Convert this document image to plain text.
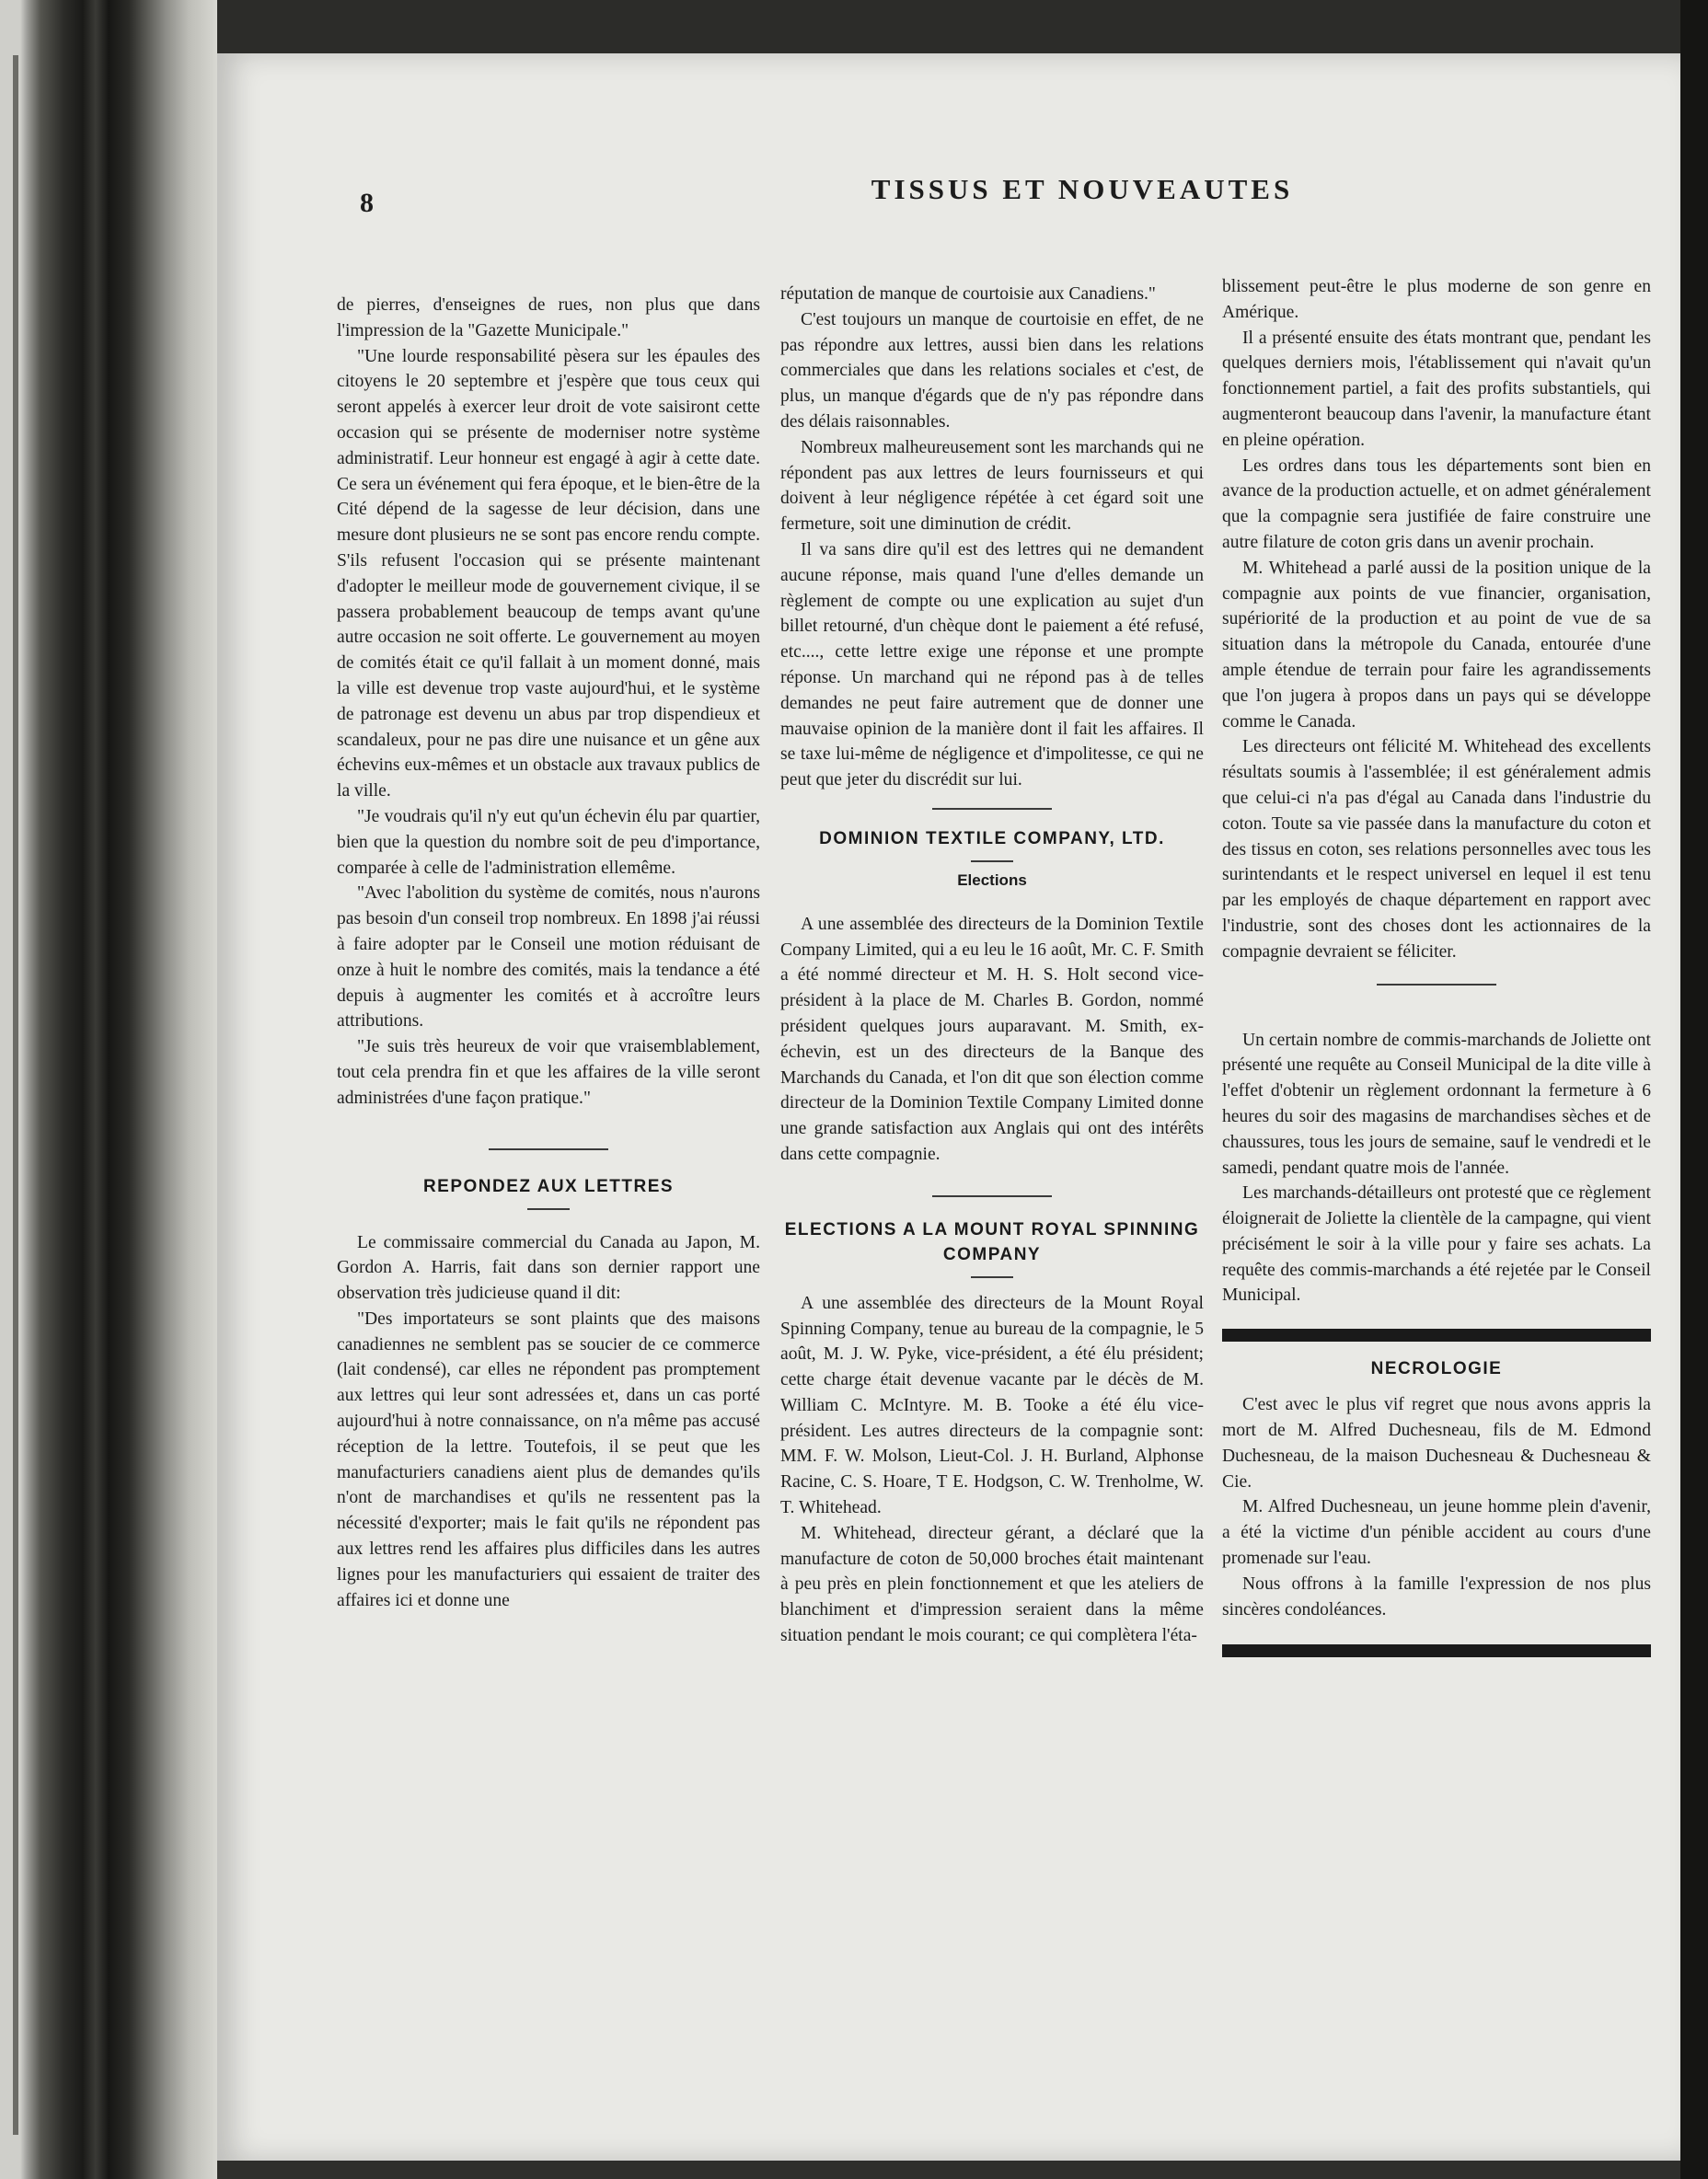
8	TISSUS ET NOUVEAUTES

de pierres, d'enseignes de rues, non plus que dans l'impression de la "Gazette Municipale."

"Une lourde responsabilité pèsera sur les épaules des citoyens le 20 septembre et j'espère que tous ceux qui seront appelés à exercer leur droit de vote saisiront cette occasion qui se présente de moderniser notre système administratif. Leur honneur est engagé à agir à cette date. Ce sera un événement qui fera époque, et le bien-être de la Cité dépend de la sagesse de leur décision, dans une mesure dont plusieurs ne se sont pas encore rendu compte. S'ils refusent l'occasion qui se présente maintenant d'adopter le meilleur mode de gouvernement civique, il se passera probablement beaucoup de temps avant qu'une autre occasion ne soit offerte. Le gouvernement au moyen de comités était ce qu'il fallait à un moment donné, mais la ville est devenue trop vaste aujourd'hui, et le système de patronage est devenu un abus par trop dispendieux et scandaleux, pour ne pas dire une nuisance et un gêne aux échevins eux-mêmes et un obstacle aux travaux publics de la ville.

"Je voudrais qu'il n'y eut qu'un échevin élu par quartier, bien que la question du nombre soit de peu d'importance, comparée à celle de l'administration ellemême.

"Avec l'abolition du système de comités, nous n'aurons pas besoin d'un conseil trop nombreux. En 1898 j'ai réussi à faire adopter par le Conseil une motion réduisant de onze à huit le nombre des comités, mais la tendance a été depuis à augmenter les comités et à accroître leurs attributions.

"Je suis très heureux de voir que vraisemblablement, tout cela prendra fin et que les affaires de la ville seront administrées d'une façon pratique."

REPONDEZ AUX LETTRES

Le commissaire commercial du Canada au Japon, M. Gordon A. Harris, fait dans son dernier rapport une observation très judicieuse quand il dit:

"Des importateurs se sont plaints que des maisons canadiennes ne semblent pas se soucier de ce commerce (lait condensé), car elles ne répondent pas promptement aux lettres qui leur sont adressées et, dans un cas porté aujourd'hui à notre connaissance, on n'a même pas accusé réception de la lettre. Toutefois, il se peut que les manufacturiers canadiens aient plus de demandes qu'ils n'ont de marchandises et qu'ils ne ressentent pas la nécessité d'exporter; mais le fait qu'ils ne répondent pas aux lettres rend les affaires plus difficiles dans les autres lignes pour les manufacturiers qui essaient de traiter des affaires ici et donne une

réputation de manque de courtoisie aux Canadiens."

C'est toujours un manque de courtoisie en effet, de ne pas répondre aux lettres, aussi bien dans les relations commerciales que dans les relations sociales et c'est, de plus, un manque d'égards que de n'y pas répondre dans des délais raisonnables.

Nombreux malheureusement sont les marchands qui ne répondent pas aux lettres de leurs fournisseurs et qui doivent à leur négligence répétée à cet égard soit une fermeture, soit une diminution de crédit.

Il va sans dire qu'il est des lettres qui ne demandent aucune réponse, mais quand l'une d'elles demande un règlement de compte ou une explication au sujet d'un billet retourné, d'un chèque dont le paiement a été refusé, etc...., cette lettre exige une réponse et une prompte réponse. Un marchand qui ne répond pas à de telles demandes ne peut faire autrement que de donner une mauvaise opinion de la manière dont il fait les affaires. Il se taxe lui-même de négligence et d'impolitesse, ce qui ne peut que jeter du discrédit sur lui.

DOMINION TEXTILE COMPANY, LTD.
Elections

A une assemblée des directeurs de la Dominion Textile Company Limited, qui a eu leu le 16 août, Mr. C. F. Smith a été nommé directeur et M. H. S. Holt second vice-président à la place de M. Charles B. Gordon, nommé président quelques jours auparavant. M. Smith, ex-échevin, est un des directeurs de la Banque des Marchands du Canada, et l'on dit que son élection comme directeur de la Dominion Textile Company Limited donne une grande satisfaction aux Anglais qui ont des intérêts dans cette compagnie.

ELECTIONS A LA MOUNT ROYAL SPINNING COMPANY

A une assemblée des directeurs de la Mount Royal Spinning Company, tenue au bureau de la compagnie, le 5 août, M. J. W. Pyke, vice-président, a été élu président; cette charge était devenue vacante par le décès de M. William C. McIntyre. M. B. Tooke a été élu vice-président. Les autres directeurs de la compagnie sont: MM. F. W. Molson, Lieut-Col. J. H. Burland, Alphonse Racine, C. S. Hoare, T E. Hodgson, C. W. Trenholme, W. T. Whitehead.

M. Whitehead, directeur gérant, a déclaré que la manufacture de coton de 50,000 broches était maintenant à peu près en plein fonctionnement et que les ateliers de blanchiment et d'impression seraient dans la même situation pendant le mois courant; ce qui complètera l'éta-

blissement peut-être le plus moderne de son genre en Amérique.

Il a présenté ensuite des états montrant que, pendant les quelques derniers mois, l'établissement qui n'avait qu'un fonctionnement partiel, a fait des profits substantiels, qui augmenteront beaucoup dans l'avenir, la manufacture étant en pleine opération.

Les ordres dans tous les départements sont bien en avance de la production actuelle, et on admet généralement que la compagnie sera justifiée de faire construire une autre filature de coton gris dans un avenir prochain.

M. Whitehead a parlé aussi de la position unique de la compagnie aux points de vue financier, organisation, supériorité de la production et au point de vue de sa situation dans la métropole du Canada, entourée d'une ample étendue de terrain pour faire les agrandissements que l'on jugera à propos dans un pays qui se développe comme le Canada.

Les directeurs ont félicité M. Whitehead des excellents résultats soumis à l'assemblée; il est généralement admis que celui-ci n'a pas d'égal au Canada dans l'industrie du coton. Toute sa vie passée dans la manufacture du coton et des tissus en coton, ses relations personnelles avec tous les surintendants et le respect universel en lequel il est tenu par les employés de chaque département en rapport avec l'industrie, sont des choses dont les actionnaires de la compagnie devraient se féliciter.

Un certain nombre de commis-marchands de Joliette ont présenté une requête au Conseil Municipal de la dite ville à l'effet d'obtenir un règlement ordonnant la fermeture à 6 heures du soir des magasins de marchandises sèches et de chaussures, tous les jours de semaine, sauf le vendredi et le samedi, pendant quatre mois de l'année.

Les marchands-détailleurs ont protesté que ce règlement éloignerait de Joliette la clientèle de la campagne, qui vient précisément le soir à la ville pour y faire ses achats. La requête des commis-marchands a été rejetée par le Conseil Municipal.

NECROLOGIE

C'est avec le plus vif regret que nous avons appris la mort de M. Alfred Duchesneau, fils de M. Edmond Duchesneau, de la maison Duchesneau & Duchesneau & Cie.

M. Alfred Duchesneau, un jeune homme plein d'avenir, a été la victime d'un pénible accident au cours d'une promenade sur l'eau.

Nous offrons à la famille l'expression de nos plus sincères condoléances.
